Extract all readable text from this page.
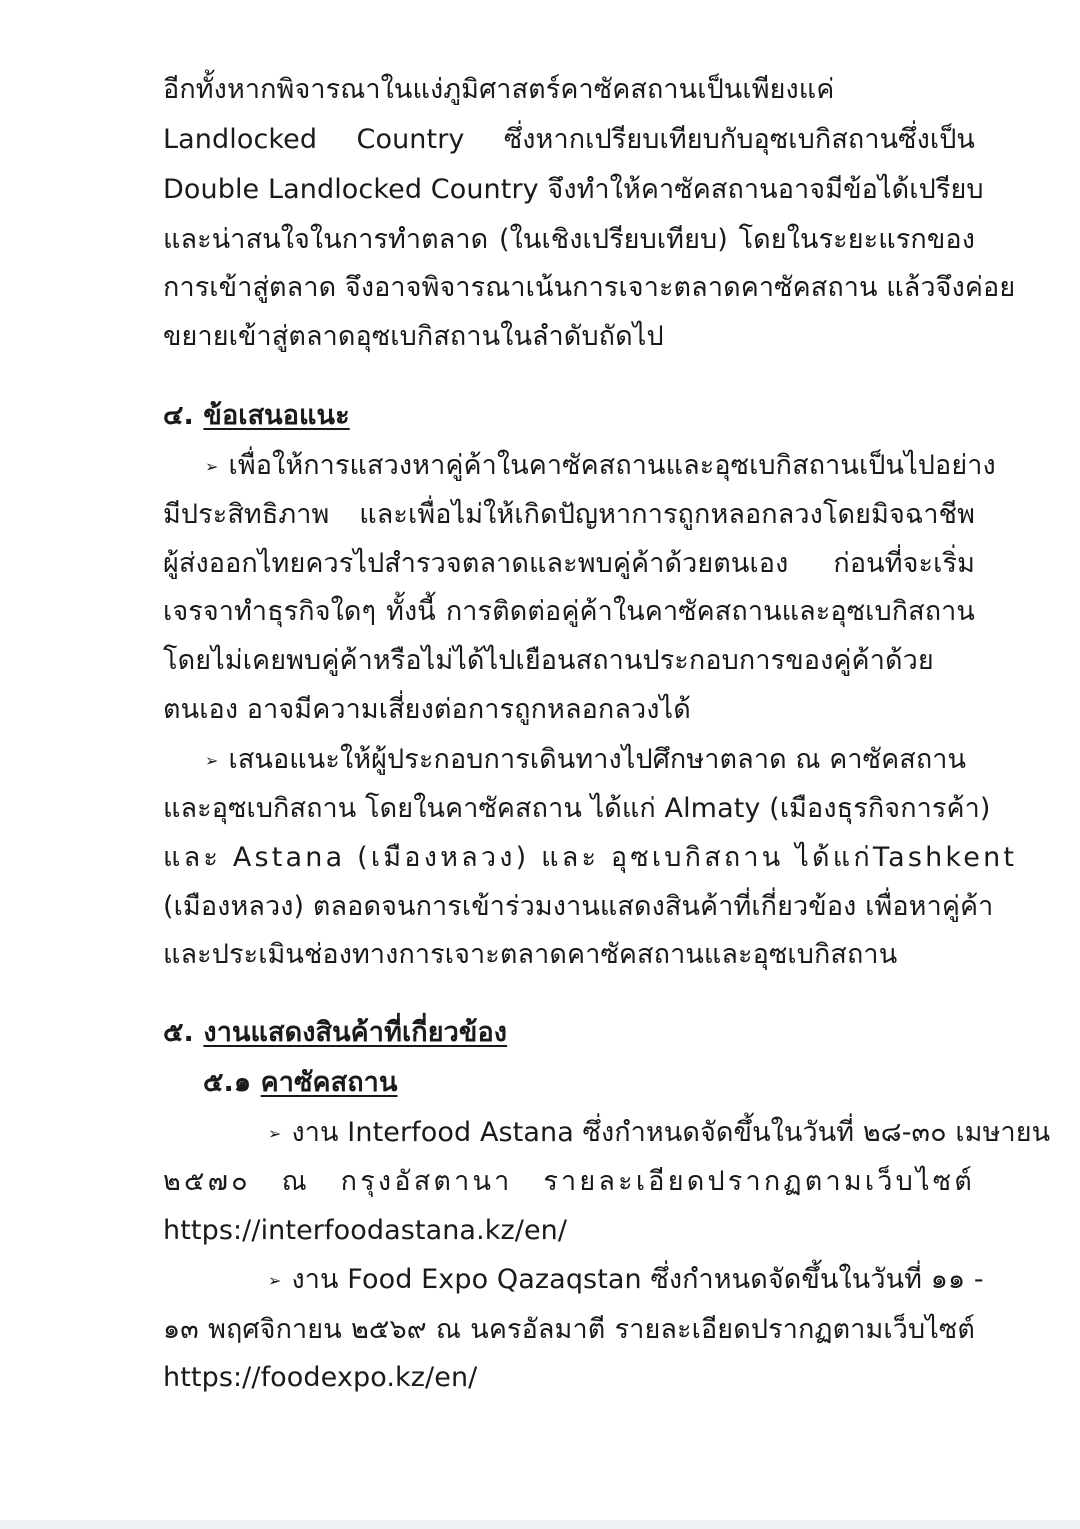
อีกทั้งหากพิจารณาในแง่ภูมิศาสตร์คาซัคสถานเป็นเพียงแค่
Landlocked Country ซึ่งหากเปรียบเทียบกับอุซเบกิสถานซึ่งเป็น
Double Landlocked Country จึงทำให้คาซัคสถานอาจมีข้อได้เปรียบ
และน่าสนใจในการทำตลาด (ในเชิงเปรียบเทียบ) โดยในระยะแรกของ
การเข้าสู่ตลาด จึงอาจพิจารณาเน้นการเจาะตลาดคาซัคสถาน แล้วจึงค่อย
ขยายเข้าสู่ตลาดอุซเบกิสถานในลำดับถัดไป
๔. ข้อเสนอแนะ
➢ เพื่อให้การแสวงหาคู่ค้าในคาซัคสถานและอุซเบกิสถานเป็นไปอย่าง
มีประสิทธิภาพ และเพื่อไม่ให้เกิดปัญหาการถูกหลอกลวงโดยมิจฉาชีพ
ผู้ส่งออกไทยควรไปสำรวจตลาดและพบคู่ค้าด้วยตนเอง ก่อนที่จะเริ่ม
เจรจาทำธุรกิจใดๆ ทั้งนี้ การติดต่อคู่ค้าในคาซัคสถานและอุซเบกิสถาน
โดยไม่เคยพบคู่ค้าหรือไม่ได้ไปเยือนสถานประกอบการของคู่ค้าด้วย
ตนเอง อาจมีความเสี่ยงต่อการถูกหลอกลวงได้
➢ เสนอแนะให้ผู้ประกอบการเดินทางไปศึกษาตลาด ณ คาซัคสถาน
และอุซเบกิสถาน โดยในคาซัคสถาน ได้แก่ Almaty (เมืองธุรกิจการค้า)
และ Astana (เมืองหลวง) และ อุซเบกิสถาน ได้แก่Tashkent
(เมืองหลวง) ตลอดจนการเข้าร่วมงานแสดงสินค้าที่เกี่ยวข้อง เพื่อหาคู่ค้า
และประเมินช่องทางการเจาะตลาดคาซัคสถานและอุซเบกิสถาน
๕. งานแสดงสินค้าที่เกี่ยวข้อง
๕.๑ คาซัคสถาน
➢ งาน Interfood Astana ซึ่งกำหนดจัดขึ้นในวันที่ ๒๘-๓๐ เมษายน
๒๕๗๐ ณ กรุงอัสตานา รายละเอียดปรากฏตามเว็บไซต์
https://interfoodastana.kz/en/
➢ งาน Food Expo Qazaqstan ซึ่งกำหนดจัดขึ้นในวันที่ ๑๑ -
๑๓ พฤศจิกายน ๒๕๖๙ ณ นครอัลมาตี รายละเอียดปรากฏตามเว็บไซต์
https://foodexpo.kz/en/
